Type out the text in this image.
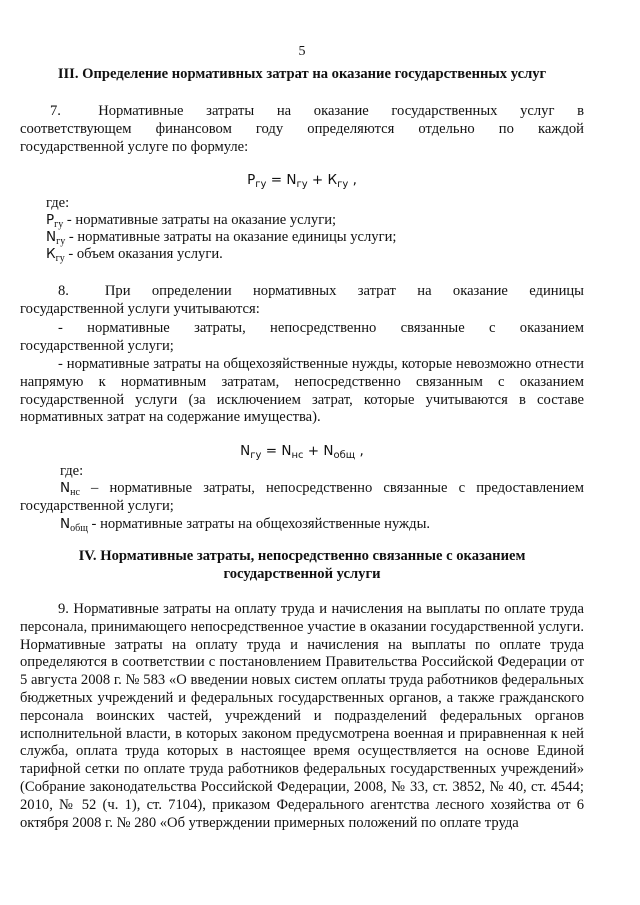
5
III. Определение нормативных затрат на оказание государственных услуг
7.  Нормативные затраты на оказание государственных услуг в
соответствующем финансовом году определяются отдельно по каждой
государственной услуге по формуле:
$Р_{гу} = N_{гу} + К_{гу}$ ,
где:
$Р_{гу}$ - нормативные затраты на оказание услуги;
$N_{гу}$ - нормативные затраты на оказание единицы услуги;
$К_{гу}$ - объем оказания услуги.
8.  При определении нормативных затрат на оказание единицы
государственной услуги учитываются:
- нормативные затраты, непосредственно связанные с оказанием
государственной услуги;
- нормативные затраты на общехозяйственные нужды, которые невозможно отнести напрямую к нормативным затратам, непосредственно связанным с оказанием государственной услуги (за исключением затрат, которые учитываются в составе нормативных затрат на содержание имущества).
$N_{гу} = N_{нс} + N_{общ}$ ,
где:
$N_{нс}$ – нормативные затраты, непосредственно связанные с предоставлением государственной услуги;
$N_{общ}$ - нормативные затраты на общехозяйственные нужды.
IV. Нормативные затраты, непосредственно связанные с оказанием
государственной услуги
9. Нормативные затраты на оплату труда и начисления на выплаты по оплате труда персонала, принимающего непосредственное участие в оказании государственной услуги. Нормативные затраты на оплату труда и начисления на выплаты по оплате труда определяются в соответствии с постановлением Правительства Российской Федерации от 5 августа 2008 г. № 583 «О введении новых систем оплаты труда работников федеральных бюджетных учреждений и федеральных государственных органов, а также гражданского персонала воинских частей, учреждений и подразделений федеральных органов исполнительной власти, в которых законом предусмотрена военная и приравненная к ней служба, оплата труда которых в настоящее время осуществляется на основе Единой тарифной сетки по оплате труда работников федеральных государственных учреждений» (Собрание законодательства Российской Федерации, 2008, № 33, ст. 3852, № 40, ст. 4544; 2010, № 52 (ч. 1), ст. 7104), приказом Федерального агентства лесного хозяйства от 6 октября 2008 г. № 280 «Об утверждении примерных положений по оплате труда
